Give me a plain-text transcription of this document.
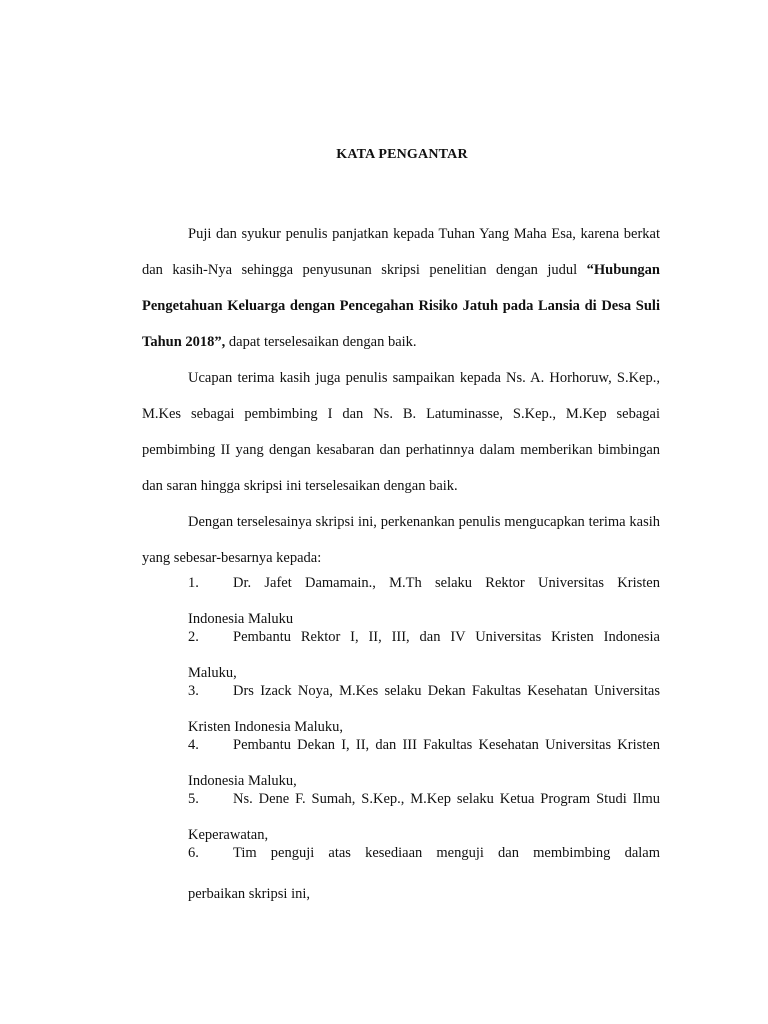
KATA PENGANTAR

Puji dan syukur penulis panjatkan kepada Tuhan Yang Maha Esa, karena berkat dan kasih-Nya sehingga penyusunan skripsi penelitian dengan judul “Hubungan Pengetahuan Keluarga dengan Pencegahan Risiko Jatuh pada Lansia di Desa Suli Tahun 2018”, dapat terselesaikan dengan baik.

Ucapan terima kasih juga penulis sampaikan kepada Ns. A. Horhoruw, S.Kep., M.Kes sebagai pembimbing I dan Ns. B. Latuminasse, S.Kep., M.Kep sebagai pembimbing II yang dengan kesabaran dan perhatinnya dalam memberikan bimbingan dan saran hingga skripsi ini terselesaikan dengan baik.

Dengan terselesainya skripsi ini, perkenankan penulis mengucapkan terima kasih yang sebesar-besarnya kepada:

1. Dr. Jafet Damamain., M.Th selaku Rektor Universitas Kristen
Indonesia Maluku
2. Pembantu Rektor I, II, III, dan IV Universitas Kristen Indonesia
Maluku,
3. Drs Izack Noya, M.Kes selaku Dekan Fakultas Kesehatan Universitas
Kristen Indonesia Maluku,
4. Pembantu Dekan I, II, dan III Fakultas Kesehatan Universitas Kristen
Indonesia Maluku,
5. Ns. Dene F. Sumah, S.Kep., M.Kep selaku Ketua Program Studi Ilmu
Keperawatan,
6. Tim penguji atas kesediaan menguji dan membimbing dalam
perbaikan skripsi ini,
